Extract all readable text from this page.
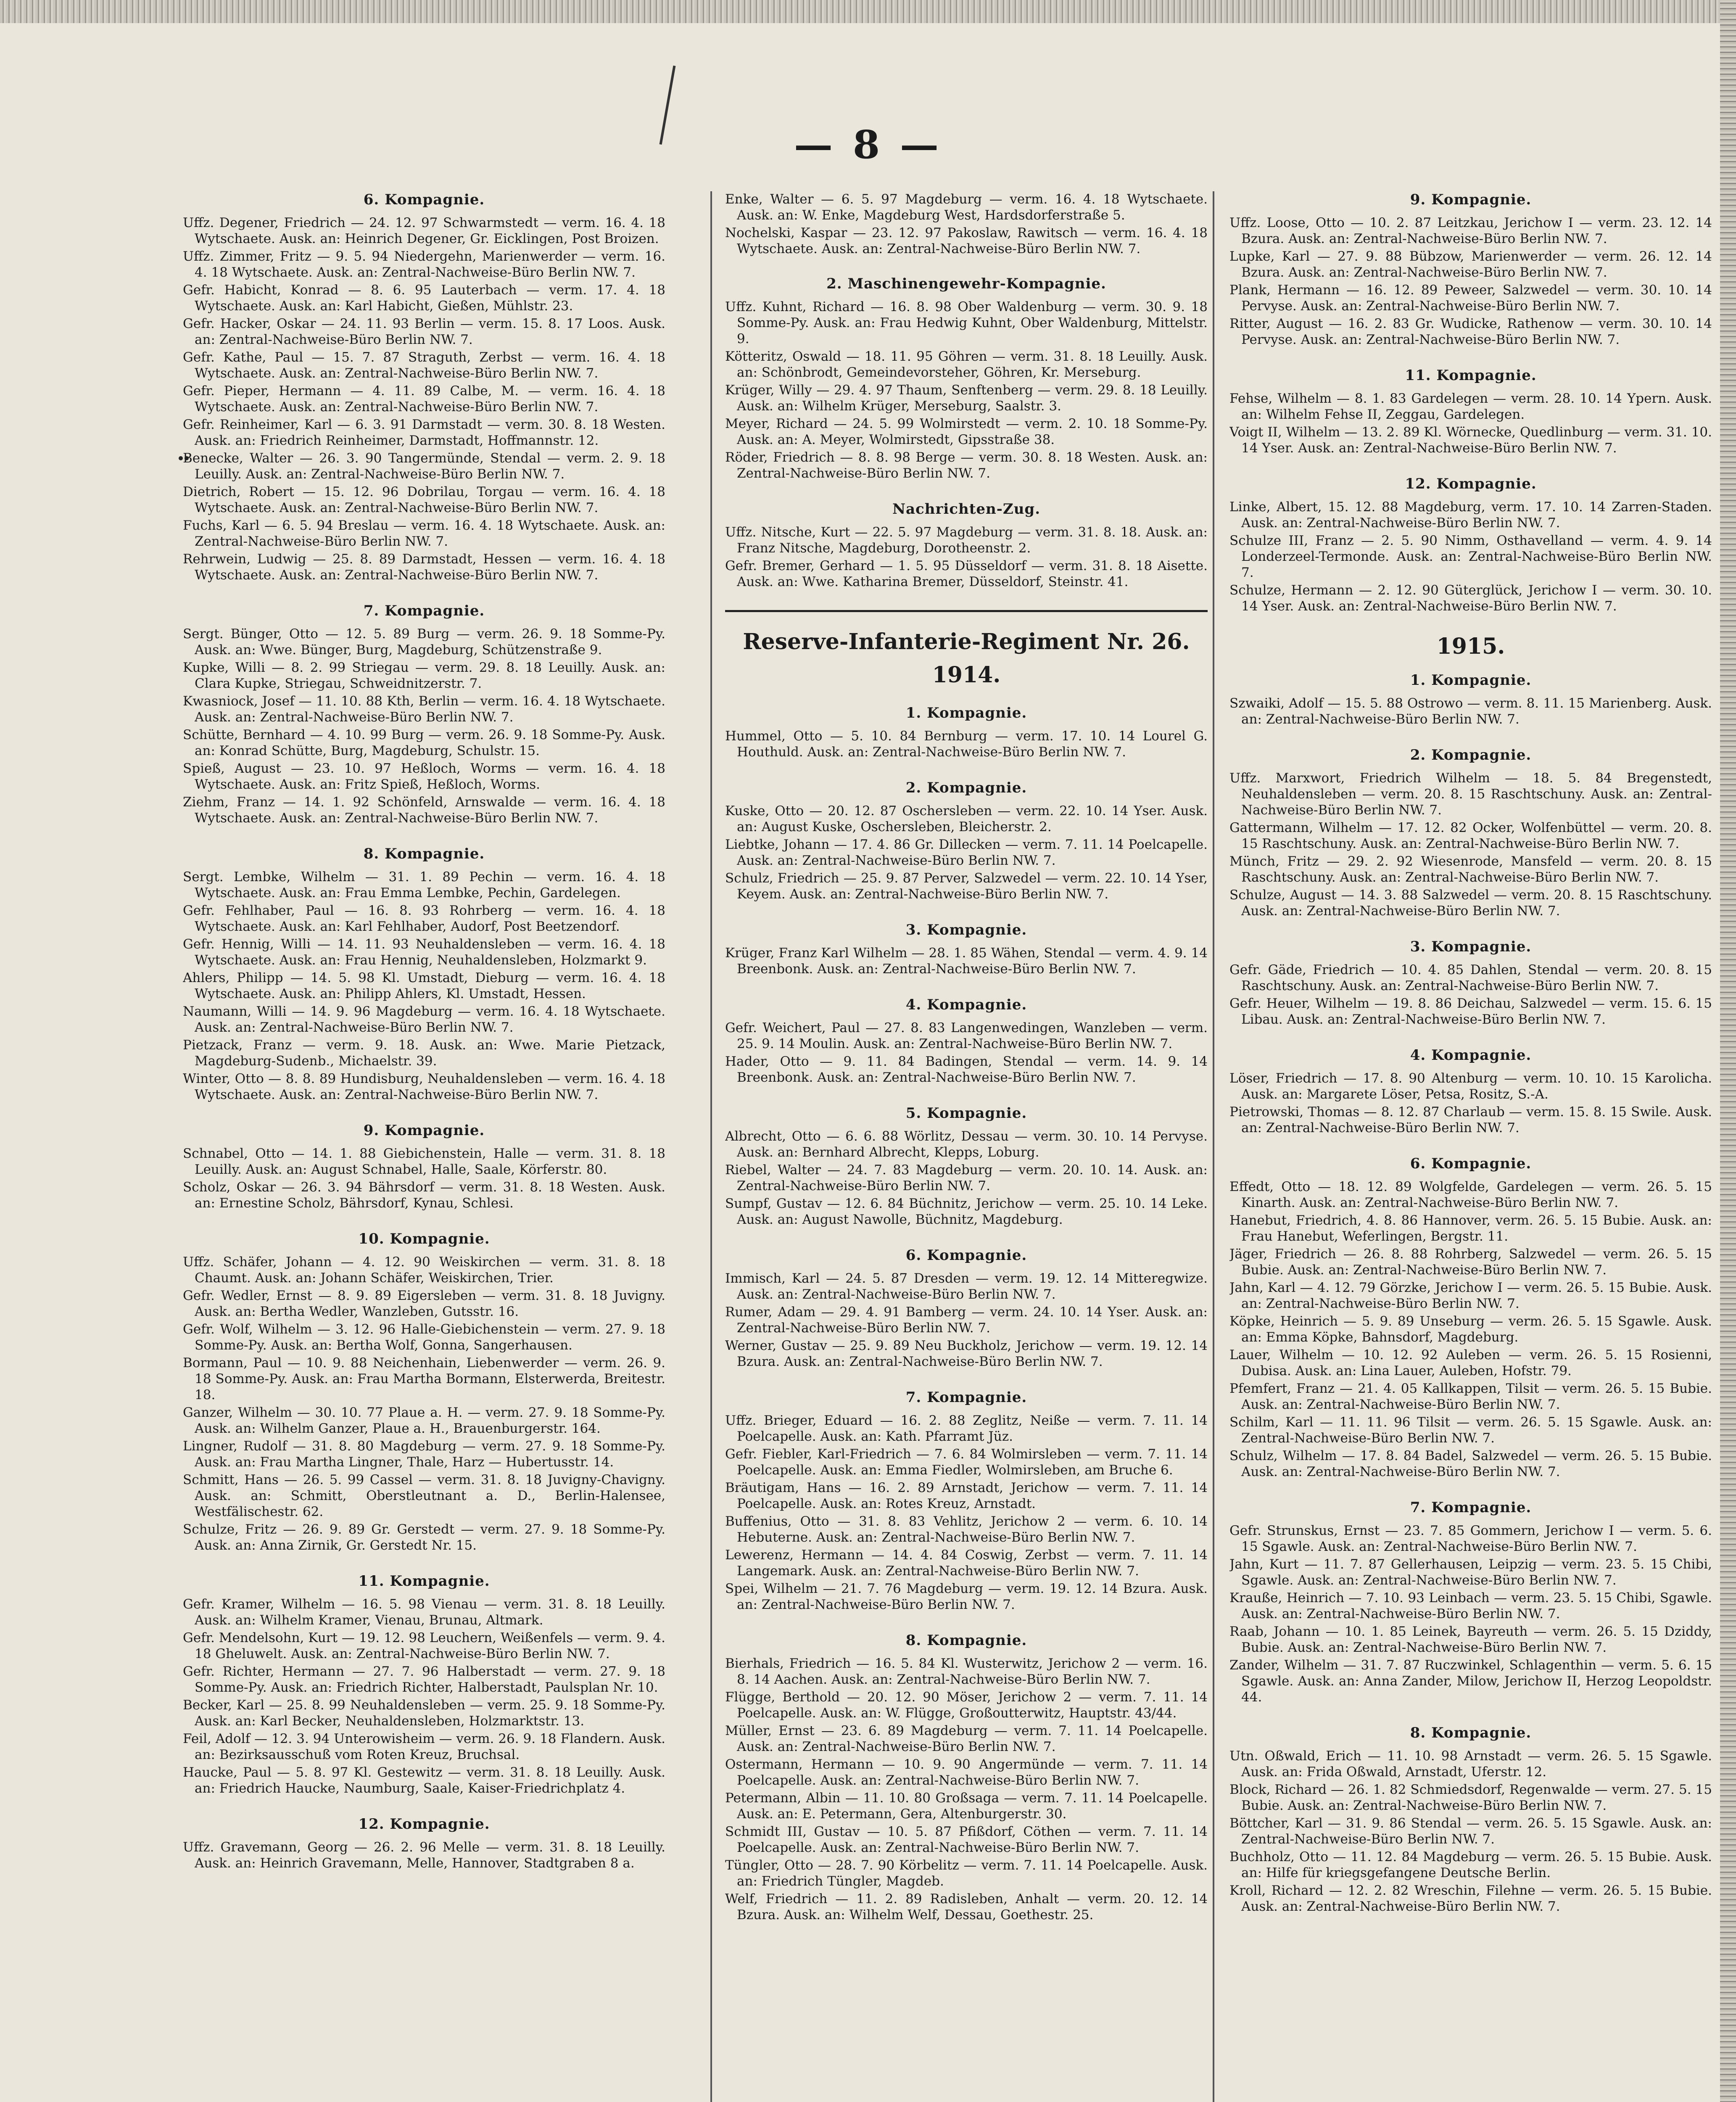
— 8 —
6. Kompagnie.

Uffz. Degener, Friedrich — 24. 12. 97 Schwarmstedt — verm. 16. 4. 18 Wytschaete. Ausk. an: Heinrich Degener, Gr. Eicklingen, Post Broizen.

Uffz. Zimmer, Fritz — 9. 5. 94 Niedergehn, Marienwerder — verm. 16. 4. 18 Wytschaete. Ausk. an: Zentral-Nachweise-Büro Berlin NW. 7.

Gefr. Habicht, Konrad — 8. 6. 95 Lauterbach — verm. 17. 4. 18 Wytschaete. Ausk. an: Karl Habicht, Gießen, Mühlstr. 23.

Gefr. Hacker, Oskar — 24. 11. 93 Berlin — verm. 15. 8. 17 Loos. Ausk. an: Zentral-Nachweise-Büro Berlin NW. 7.

Gefr. Kathe, Paul — 15. 7. 87 Straguth, Zerbst — verm. 16. 4. 18 Wytschaete. Ausk. an: Zentral-Nachweise-Büro Berlin NW. 7.

Gefr. Pieper, Hermann — 4. 11. 89 Calbe, M. — verm. 16. 4. 18 Wytschaete. Ausk. an: Zentral-Nachweise-Büro Berlin NW. 7.

Gefr. Reinheimer, Karl — 6. 3. 91 Darmstadt — verm. 30. 8. 18 Westen. Ausk. an: Friedrich Reinheimer, Darmstadt, Hoffmannstr. 12.

Benecke, Walter — 26. 3. 90 Tangermünde, Stendal — verm. 2. 9. 18 Leuilly. Ausk. an: Zentral-Nachweise-Büro Berlin NW. 7.

Dietrich, Robert — 15. 12. 96 Dobrilau, Torgau — verm. 16. 4. 18 Wytschaete. Ausk. an: Zentral-Nachweise-Büro Berlin NW. 7.

Fuchs, Karl — 6. 5. 94 Breslau — verm. 16. 4. 18 Wytschaete. Ausk. an: Zentral-Nachweise-Büro Berlin NW. 7.

Rehrwein, Ludwig — 25. 8. 89 Darmstadt, Hessen — verm. 16. 4. 18 Wytschaete. Ausk. an: Zentral-Nachweise-Büro Berlin NW. 7.

7. Kompagnie.

Sergt. Bünger, Otto — 12. 5. 89 Burg — verm. 26. 9. 18 Somme-Py. Ausk. an: Wwe. Bünger, Burg, Magdeburg, Schützenstraße 9.

Kupke, Willi — 8. 2. 99 Striegau — verm. 29. 8. 18 Leuilly. Ausk. an: Clara Kupke, Striegau, Schweidnitzerstr. 7.

Kwasniock, Josef — 11. 10. 88 Kth, Berlin — verm. 16. 4. 18 Wytschaete. Ausk. an: Zentral-Nachweise-Büro Berlin NW. 7.

Schütte, Bernhard — 4. 10. 99 Burg — verm. 26. 9. 18 Somme-Py. Ausk. an: Konrad Schütte, Burg, Magdeburg, Schulstr. 15.

Spieß, August — 23. 10. 97 Heßloch, Worms — verm. 16. 4. 18 Wytschaete. Ausk. an: Fritz Spieß, Heßloch, Worms.

Ziehm, Franz — 14. 1. 92 Schönfeld, Arnswalde — verm. 16. 4. 18 Wytschaete. Ausk. an: Zentral-Nachweise-Büro Berlin NW. 7.

8. Kompagnie.

Sergt. Lembke, Wilhelm — 31. 1. 89 Pechin — verm. 16. 4. 18 Wytschaete. Ausk. an: Frau Emma Lembke, Pechin, Gardelegen.

Gefr. Fehlhaber, Paul — 16. 8. 93 Rohrberg — verm. 16. 4. 18 Wytschaete. Ausk. an: Karl Fehlhaber, Audorf, Post Beetzendorf.

Gefr. Hennig, Willi — 14. 11. 93 Neuhaldensleben — verm. 16. 4. 18 Wytschaete. Ausk. an: Frau Hennig, Neuhaldensleben, Holzmarkt 9.

Ahlers, Philipp — 14. 5. 98 Kl. Umstadt, Dieburg — verm. 16. 4. 18 Wytschaete. Ausk. an: Philipp Ahlers, Kl. Umstadt, Hessen.

Naumann, Willi — 14. 9. 96 Magdeburg — verm. 16. 4. 18 Wytschaete. Ausk. an: Zentral-Nachweise-Büro Berlin NW. 7.

Pietzack, Franz — verm. 9. 18. Ausk. an: Wwe. Marie Pietzack, Magdeburg-Sudenb., Michaelstr. 39.

Winter, Otto — 8. 8. 89 Hundisburg, Neuhaldensleben — verm. 16. 4. 18 Wytschaete. Ausk. an: Zentral-Nachweise-Büro Berlin NW. 7.

9. Kompagnie.

Schnabel, Otto — 14. 1. 88 Giebichenstein, Halle — verm. 31. 8. 18 Leuilly. Ausk. an: August Schnabel, Halle, Saale, Körferstr. 80.

Scholz, Oskar — 26. 3. 94 Bährsdorf — verm. 31. 8. 18 Westen. Ausk. an: Ernestine Scholz, Bährsdorf, Kynau, Schlesi.

10. Kompagnie.

Uffz. Schäfer, Johann — 4. 12. 90 Weiskirchen — verm. 31. 8. 18 Chaumt. Ausk. an: Johann Schäfer, Weiskirchen, Trier.

Gefr. Wedler, Ernst — 8. 9. 89 Eigersleben — verm. 31. 8. 18 Juvigny. Ausk. an: Bertha Wedler, Wanzleben, Gutsstr. 16.

Gefr. Wolf, Wilhelm — 3. 12. 96 Halle-Giebichenstein — verm. 27. 9. 18 Somme-Py. Ausk. an: Bertha Wolf, Gonna, Sangerhausen.

Bormann, Paul — 10. 9. 88 Neichenhain, Liebenwerder — verm. 26. 9. 18 Somme-Py. Ausk. an: Frau Martha Bormann, Elsterwerda, Breitestr. 18.

Ganzer, Wilhelm — 30. 10. 77 Plaue a. H. — verm. 27. 9. 18 Somme-Py. Ausk. an: Wilhelm Ganzer, Plaue a. H., Brauenburgerstr. 164.

Lingner, Rudolf — 31. 8. 80 Magdeburg — verm. 27. 9. 18 Somme-Py. Ausk. an: Frau Martha Lingner, Thale, Harz — Hubertusstr. 14.

Schmitt, Hans — 26. 5. 99 Cassel — verm. 31. 8. 18 Juvigny-Chavigny. Ausk. an: Schmitt, Oberstleutnant a. D., Berlin-Halensee, Westfälischestr. 62.

Schulze, Fritz — 26. 9. 89 Gr. Gerstedt — verm. 27. 9. 18 Somme-Py. Ausk. an: Anna Zirnik, Gr. Gerstedt Nr. 15.

11. Kompagnie.

Gefr. Kramer, Wilhelm — 16. 5. 98 Vienau — verm. 31. 8. 18 Leuilly. Ausk. an: Wilhelm Kramer, Vienau, Brunau, Altmark.

Gefr. Mendelsohn, Kurt — 19. 12. 98 Leuchern, Weißenfels — verm. 9. 4. 18 Gheluwelt. Ausk. an: Zentral-Nachweise-Büro Berlin NW. 7.

Gefr. Richter, Hermann — 27. 7. 96 Halberstadt — verm. 27. 9. 18 Somme-Py. Ausk. an: Friedrich Richter, Halberstadt, Paulsplan Nr. 10.

Becker, Karl — 25. 8. 99 Neuhaldensleben — verm. 25. 9. 18 Somme-Py. Ausk. an: Karl Becker, Neuhaldensleben, Holzmarktstr. 13.

Feil, Adolf — 12. 3. 94 Unterowisheim — verm. 26. 9. 18 Flandern. Ausk. an: Bezirksausschuß vom Roten Kreuz, Bruchsal.

Haucke, Paul — 5. 8. 97 Kl. Gestewitz — verm. 31. 8. 18 Leuilly. Ausk. an: Friedrich Haucke, Naumburg, Saale, Kaiser-Friedrichplatz 4.

12. Kompagnie.

Uffz. Gravemann, Georg — 26. 2. 96 Melle — verm. 31. 8. 18 Leuilly. Ausk. an: Heinrich Gravemann, Melle, Hannover, Stadtgraben 8 a.

Enke, Walter — 6. 5. 97 Magdeburg — verm. 16. 4. 18 Wytschaete. Ausk. an: W. Enke, Magdeburg West, Hardsdorferstraße 5.

Nochelski, Kaspar — 23. 12. 97 Pakoslaw, Rawitsch — verm. 16. 4. 18 Wytschaete. Ausk. an: Zentral-Nachweise-Büro Berlin NW. 7.

2. Maschinengewehr-Kompagnie.

Uffz. Kuhnt, Richard — 16. 8. 98 Ober Waldenburg — verm. 30. 9. 18 Somme-Py. Ausk. an: Frau Hedwig Kuhnt, Ober Waldenburg, Mittelstr. 9.

Kötteritz, Oswald — 18. 11. 95 Göhren — verm. 31. 8. 18 Leuilly. Ausk. an: Schönbrodt, Gemeindevorsteher, Göhren, Kr. Merseburg.

Krüger, Willy — 29. 4. 97 Thaum, Senftenberg — verm. 29. 8. 18 Leuilly. Ausk. an: Wilhelm Krüger, Merseburg, Saalstr. 3.

Meyer, Richard — 24. 5. 99 Wolmirstedt — verm. 2. 10. 18 Somme-Py. Ausk. an: A. Meyer, Wolmirstedt, Gipsstraße 38.

Röder, Friedrich — 8. 8. 98 Berge — verm. 30. 8. 18 Westen. Ausk. an: Zentral-Nachweise-Büro Berlin NW. 7.

Nachrichten-Zug.

Uffz. Nitsche, Kurt — 22. 5. 97 Magdeburg — verm. 31. 8. 18. Ausk. an: Franz Nitsche, Magdeburg, Dorotheenstr. 2.

Gefr. Bremer, Gerhard — 1. 5. 95 Düsseldorf — verm. 31. 8. 18 Aisette. Ausk. an: Wwe. Katharina Bremer, Düsseldorf, Steinstr. 41.

Reserve-Infanterie-Regiment Nr. 26.
1914.
1. Kompagnie.

Hummel, Otto — 5. 10. 84 Bernburg — verm. 17. 10. 14 Lourel G. Houthuld. Ausk. an: Zentral-Nachweise-Büro Berlin NW. 7.

2. Kompagnie.

Kuske, Otto — 20. 12. 87 Oschersleben — verm. 22. 10. 14 Yser. Ausk. an: August Kuske, Oschersleben, Bleicherstr. 2.

Liebtke, Johann — 17. 4. 86 Gr. Dillecken — verm. 7. 11. 14 Poelcapelle. Ausk. an: Zentral-Nachweise-Büro Berlin NW. 7.

Schulz, Friedrich — 25. 9. 87 Perver, Salzwedel — verm. 22. 10. 14 Yser, Keyem. Ausk. an: Zentral-Nachweise-Büro Berlin NW. 7.

3. Kompagnie.

Krüger, Franz Karl Wilhelm — 28. 1. 85 Wähen, Stendal — verm. 4. 9. 14 Breenbonk. Ausk. an: Zentral-Nachweise-Büro Berlin NW. 7.

4. Kompagnie.

Gefr. Weichert, Paul — 27. 8. 83 Langenwedingen, Wanzleben — verm. 25. 9. 14 Moulin. Ausk. an: Zentral-Nachweise-Büro Berlin NW. 7.

Hader, Otto — 9. 11. 84 Badingen, Stendal — verm. 14. 9. 14 Breenbonk. Ausk. an: Zentral-Nachweise-Büro Berlin NW. 7.

5. Kompagnie.

Albrecht, Otto — 6. 6. 88 Wörlitz, Dessau — verm. 30. 10. 14 Pervyse. Ausk. an: Bernhard Albrecht, Klepps, Loburg.

Riebel, Walter — 24. 7. 83 Magdeburg — verm. 20. 10. 14. Ausk. an: Zentral-Nachweise-Büro Berlin NW. 7.

Sumpf, Gustav — 12. 6. 84 Büchnitz, Jerichow — verm. 25. 10. 14 Leke. Ausk. an: August Nawolle, Büchnitz, Magdeburg.

6. Kompagnie.

Immisch, Karl — 24. 5. 87 Dresden — verm. 19. 12. 14 Mitteregwize. Ausk. an: Zentral-Nachweise-Büro Berlin NW. 7.

Rumer, Adam — 29. 4. 91 Bamberg — verm. 24. 10. 14 Yser. Ausk. an: Zentral-Nachweise-Büro Berlin NW. 7.

Werner, Gustav — 25. 9. 89 Neu Buckholz, Jerichow — verm. 19. 12. 14 Bzura. Ausk. an: Zentral-Nachweise-Büro Berlin NW. 7.

7. Kompagnie.

Uffz. Brieger, Eduard — 16. 2. 88 Zeglitz, Neiße — verm. 7. 11. 14 Poelcapelle. Ausk. an: Kath. Pfarramt Jüz.

Gefr. Fiebler, Karl-Friedrich — 7. 6. 84 Wolmirsleben — verm. 7. 11. 14 Poelcapelle. Ausk. an: Emma Fiedler, Wolmirsleben, am Bruche 6.

Bräutigam, Hans — 16. 2. 89 Arnstadt, Jerichow — verm. 7. 11. 14 Poelcapelle. Ausk. an: Rotes Kreuz, Arnstadt.

Buffenius, Otto — 31. 8. 83 Vehlitz, Jerichow 2 — verm. 6. 10. 14 Hebuterne. Ausk. an: Zentral-Nachweise-Büro Berlin NW. 7.

Lewerenz, Hermann — 14. 4. 84 Coswig, Zerbst — verm. 7. 11. 14 Langemark. Ausk. an: Zentral-Nachweise-Büro Berlin NW. 7.

Spei, Wilhelm — 21. 7. 76 Magdeburg — verm. 19. 12. 14 Bzura. Ausk. an: Zentral-Nachweise-Büro Berlin NW. 7.

8. Kompagnie.

Bierhals, Friedrich — 16. 5. 84 Kl. Wusterwitz, Jerichow 2 — verm. 16. 8. 14 Aachen. Ausk. an: Zentral-Nachweise-Büro Berlin NW. 7.

Flügge, Berthold — 20. 12. 90 Möser, Jerichow 2 — verm. 7. 11. 14 Poelcapelle. Ausk. an: W. Flügge, Großoutterwitz, Hauptstr. 43/44.

Müller, Ernst — 23. 6. 89 Magdeburg — verm. 7. 11. 14 Poelcapelle. Ausk. an: Zentral-Nachweise-Büro Berlin NW. 7.

Ostermann, Hermann — 10. 9. 90 Angermünde — verm. 7. 11. 14 Poelcapelle. Ausk. an: Zentral-Nachweise-Büro Berlin NW. 7.

Petermann, Albin — 11. 10. 80 Großsaga — verm. 7. 11. 14 Poelcapelle. Ausk. an: E. Petermann, Gera, Altenburgerstr. 30.

Schmidt III, Gustav — 10. 5. 87 Pfißdorf, Cöthen — verm. 7. 11. 14 Poelcapelle. Ausk. an: Zentral-Nachweise-Büro Berlin NW. 7.

Tüngler, Otto — 28. 7. 90 Körbelitz — verm. 7. 11. 14 Poelcapelle. Ausk. an: Friedrich Tüngler, Magdeb.

Welf, Friedrich — 11. 2. 89 Radisleben, Anhalt — verm. 20. 12. 14 Bzura. Ausk. an: Wilhelm Welf, Dessau, Goethestr. 25.

9. Kompagnie.

Uffz. Loose, Otto — 10. 2. 87 Leitzkau, Jerichow I — verm. 23. 12. 14 Bzura. Ausk. an: Zentral-Nachweise-Büro Berlin NW. 7.

Lupke, Karl — 27. 9. 88 Bübzow, Marienwerder — verm. 26. 12. 14 Bzura. Ausk. an: Zentral-Nachweise-Büro Berlin NW. 7.

Plank, Hermann — 16. 12. 89 Peweer, Salzwedel — verm. 30. 10. 14 Pervyse. Ausk. an: Zentral-Nachweise-Büro Berlin NW. 7.

Ritter, August — 16. 2. 83 Gr. Wudicke, Rathenow — verm. 30. 10. 14 Pervyse. Ausk. an: Zentral-Nachweise-Büro Berlin NW. 7.

11. Kompagnie.

Fehse, Wilhelm — 8. 1. 83 Gardelegen — verm. 28. 10. 14 Ypern. Ausk. an: Wilhelm Fehse II, Zeggau, Gardelegen.

Voigt II, Wilhelm — 13. 2. 89 Kl. Wörnecke, Quedlinburg — verm. 31. 10. 14 Yser. Ausk. an: Zentral-Nachweise-Büro Berlin NW. 7.

12. Kompagnie.

Linke, Albert, 15. 12. 88 Magdeburg, verm. 17. 10. 14 Zarren-Staden. Ausk. an: Zentral-Nachweise-Büro Berlin NW. 7.

Schulze III, Franz — 2. 5. 90 Nimm, Osthavelland — verm. 4. 9. 14 Londerzeel-Termonde. Ausk. an: Zentral-Nachweise-Büro Berlin NW. 7.

Schulze, Hermann — 2. 12. 90 Güterglück, Jerichow I — verm. 30. 10. 14 Yser. Ausk. an: Zentral-Nachweise-Büro Berlin NW. 7.

1915.
1. Kompagnie.

Szwaiki, Adolf — 15. 5. 88 Ostrowo — verm. 8. 11. 15 Marienberg. Ausk. an: Zentral-Nachweise-Büro Berlin NW. 7.

2. Kompagnie.

Uffz. Marxwort, Friedrich Wilhelm — 18. 5. 84 Bregenstedt, Neuhaldensleben — verm. 20. 8. 15 Raschtschuny. Ausk. an: Zentral-Nachweise-Büro Berlin NW. 7.

Gattermann, Wilhelm — 17. 12. 82 Ocker, Wolfenbüttel — verm. 20. 8. 15 Raschtschuny. Ausk. an: Zentral-Nachweise-Büro Berlin NW. 7.

Münch, Fritz — 29. 2. 92 Wiesenrode, Mansfeld — verm. 20. 8. 15 Raschtschuny. Ausk. an: Zentral-Nachweise-Büro Berlin NW. 7.

Schulze, August — 14. 3. 88 Salzwedel — verm. 20. 8. 15 Raschtschuny. Ausk. an: Zentral-Nachweise-Büro Berlin NW. 7.

3. Kompagnie.

Gefr. Gäde, Friedrich — 10. 4. 85 Dahlen, Stendal — verm. 20. 8. 15 Raschtschuny. Ausk. an: Zentral-Nachweise-Büro Berlin NW. 7.

Gefr. Heuer, Wilhelm — 19. 8. 86 Deichau, Salzwedel — verm. 15. 6. 15 Libau. Ausk. an: Zentral-Nachweise-Büro Berlin NW. 7.

4. Kompagnie.

Löser, Friedrich — 17. 8. 90 Altenburg — verm. 10. 10. 15 Karolicha. Ausk. an: Margarete Löser, Petsa, Rositz, S.-A.

Pietrowski, Thomas — 8. 12. 87 Charlaub — verm. 15. 8. 15 Swile. Ausk. an: Zentral-Nachweise-Büro Berlin NW. 7.

6. Kompagnie.

Effedt, Otto — 18. 12. 89 Wolgfelde, Gardelegen — verm. 26. 5. 15 Kinarth. Ausk. an: Zentral-Nachweise-Büro Berlin NW. 7.

Hanebut, Friedrich, 4. 8. 86 Hannover, verm. 26. 5. 15 Bubie. Ausk. an: Frau Hanebut, Weferlingen, Bergstr. 11.

Jäger, Friedrich — 26. 8. 88 Rohrberg, Salzwedel — verm. 26. 5. 15 Bubie. Ausk. an: Zentral-Nachweise-Büro Berlin NW. 7.

Jahn, Karl — 4. 12. 79 Görzke, Jerichow I — verm. 26. 5. 15 Bubie. Ausk. an: Zentral-Nachweise-Büro Berlin NW. 7.

Köpke, Heinrich — 5. 9. 89 Unseburg — verm. 26. 5. 15 Sgawle. Ausk. an: Emma Köpke, Bahnsdorf, Magdeburg.

Lauer, Wilhelm — 10. 12. 92 Auleben — verm. 26. 5. 15 Rosienni, Dubisa. Ausk. an: Lina Lauer, Auleben, Hofstr. 79.

Pfemfert, Franz — 21. 4. 05 Kallkappen, Tilsit — verm. 26. 5. 15 Bubie. Ausk. an: Zentral-Nachweise-Büro Berlin NW. 7.

Schilm, Karl — 11. 11. 96 Tilsit — verm. 26. 5. 15 Sgawle. Ausk. an: Zentral-Nachweise-Büro Berlin NW. 7.

Schulz, Wilhelm — 17. 8. 84 Badel, Salzwedel — verm. 26. 5. 15 Bubie. Ausk. an: Zentral-Nachweise-Büro Berlin NW. 7.

7. Kompagnie.

Gefr. Strunskus, Ernst — 23. 7. 85 Gommern, Jerichow I — verm. 5. 6. 15 Sgawle. Ausk. an: Zentral-Nachweise-Büro Berlin NW. 7.

Jahn, Kurt — 11. 7. 87 Gellerhausen, Leipzig — verm. 23. 5. 15 Chibi, Sgawle. Ausk. an: Zentral-Nachweise-Büro Berlin NW. 7.

Krauße, Heinrich — 7. 10. 93 Leinbach — verm. 23. 5. 15 Chibi, Sgawle. Ausk. an: Zentral-Nachweise-Büro Berlin NW. 7.

Raab, Johann — 10. 1. 85 Leinek, Bayreuth — verm. 26. 5. 15 Dziddy, Bubie. Ausk. an: Zentral-Nachweise-Büro Berlin NW. 7.

Zander, Wilhelm — 31. 7. 87 Ruczwinkel, Schlagenthin — verm. 5. 6. 15 Sgawle. Ausk. an: Anna Zander, Milow, Jerichow II, Herzog Leopoldstr. 44.

8. Kompagnie.

Utn. Oßwald, Erich — 11. 10. 98 Arnstadt — verm. 26. 5. 15 Sgawle. Ausk. an: Frida Oßwald, Arnstadt, Uferstr. 12.

Block, Richard — 26. 1. 82 Schmiedsdorf, Regenwalde — verm. 27. 5. 15 Bubie. Ausk. an: Zentral-Nachweise-Büro Berlin NW. 7.

Böttcher, Karl — 31. 9. 86 Stendal — verm. 26. 5. 15 Sgawle. Ausk. an: Zentral-Nachweise-Büro Berlin NW. 7.

Buchholz, Otto — 11. 12. 84 Magdeburg — verm. 26. 5. 15 Bubie. Ausk. an: Hilfe für kriegsgefangene Deutsche Berlin.

Kroll, Richard — 12. 2. 82 Wreschin, Filehne — verm. 26. 5. 15 Bubie. Ausk. an: Zentral-Nachweise-Büro Berlin NW. 7.
